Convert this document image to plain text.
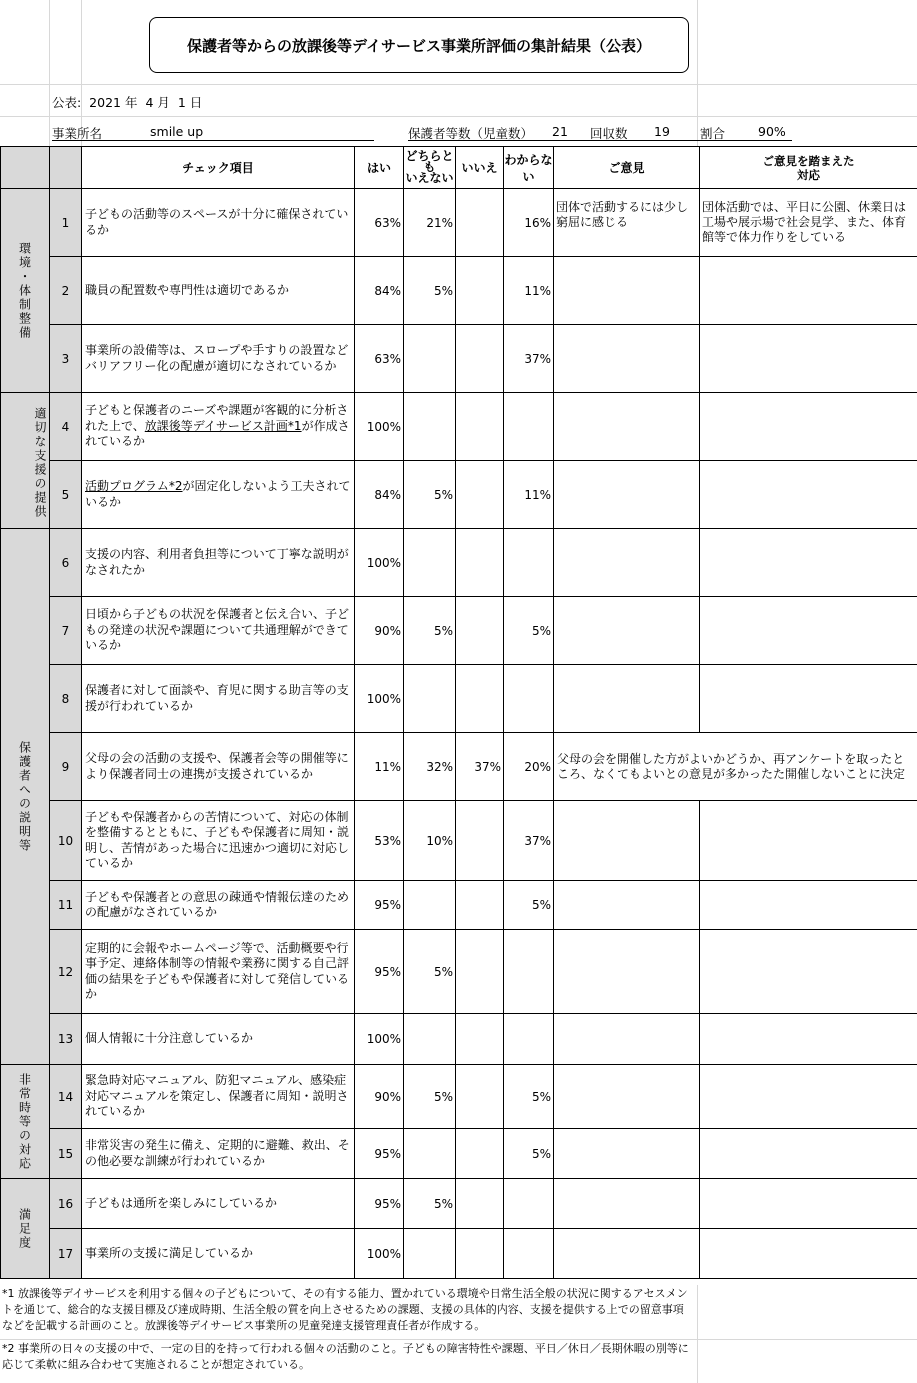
保護者等からの放課後等デイサービス事業所評価の集計結果（公表）
公表: 2021 年 4 月 1 日
事業所名	smile up	保護者等数（児童数） 21 回収数 19 割合	90%
		チェック項目	はい	どちらとも
いえない	いいえ	わからない	ご意見	ご意見を踏まえた
対応
環境・体制整備	1	子どもの活動等のスペースが十分に確保されているか	63%	21%		16%	団体で活動するには少し窮屈に感じる	団体活動では、平日に公園、休業日は工場や展示場で社会見学、また、体育館等で体力作りをしている
	2	職員の配置数や専門性は適切であるか	84%	5%		11%		
	3	事業所の設備等は、スロープや手すりの設置などバリアフリー化の配慮が適切になされているか	63%			37%		
適切な支援の提供	4	子どもと保護者のニーズや課題が客観的に分析された上で、放課後等デイサービス計画*1が作成されているか	100%					
	5	活動プログラム*2が固定化しないよう工夫されているか	84%	5%		11%		
保護者への説明等	6	支援の内容、利用者負担等について丁寧な説明がなされたか	100%					
	7	日頃から子どもの状況を保護者と伝え合い、子どもの発達の状況や課題について共通理解ができているか	90%	5%		5%		
	8	保護者に対して面談や、育児に関する助言等の支援が行われているか	100%					
	9	父母の会の活動の支援や、保護者会等の開催等により保護者同士の連携が支援されているか	11%	32%	37%	20%	父母の会を開催した方がよいかどうか、再アンケートを取ったところ、なくてもよいとの意見が多かったた開催しないことに決定	
	10	子どもや保護者からの苦情について、対応の体制を整備するとともに、子どもや保護者に周知・説明し、苦情があった場合に迅速かつ適切に対応しているか	53%	10%		37%		
	11	子どもや保護者との意思の疎通や情報伝達のための配慮がなされているか	95%			5%		
	12	定期的に会報やホームページ等で、活動概要や行事予定、連絡体制等の情報や業務に関する自己評価の結果を子どもや保護者に対して発信しているか	95%	5%				
	13	個人情報に十分注意しているか	100%					
非常時等の対応	14	緊急時対応マニュアル、防犯マニュアル、感染症対応マニュアルを策定し、保護者に周知・説明されているか	90%	5%		5%		
	15	非常災害の発生に備え、定期的に避難、救出、その他必要な訓練が行われているか	95%			5%		
満足度	16	子どもは通所を楽しみにしているか	95%	5%				
	17	事業所の支援に満足しているか	100%					
*1 放課後等デイサービスを利用する個々の子どもについて、その有する能力、置かれている環境や日常生活全般の状況に関するアセスメントを通じて、総合的な支援目標及び達成時期、生活全般の質を向上させるための課題、支援の具体的内容、支援を提供する上での留意事項などを記載する計画のこと。放課後等デイサービス事業所の児童発達支援管理責任者が作成する。
*2 事業所の日々の支援の中で、一定の目的を持って行われる個々の活動のこと。子どもの障害特性や課題、平日／休日／長期休暇の別等に応じて柔軟に組み合わせて実施されることが想定されている。
